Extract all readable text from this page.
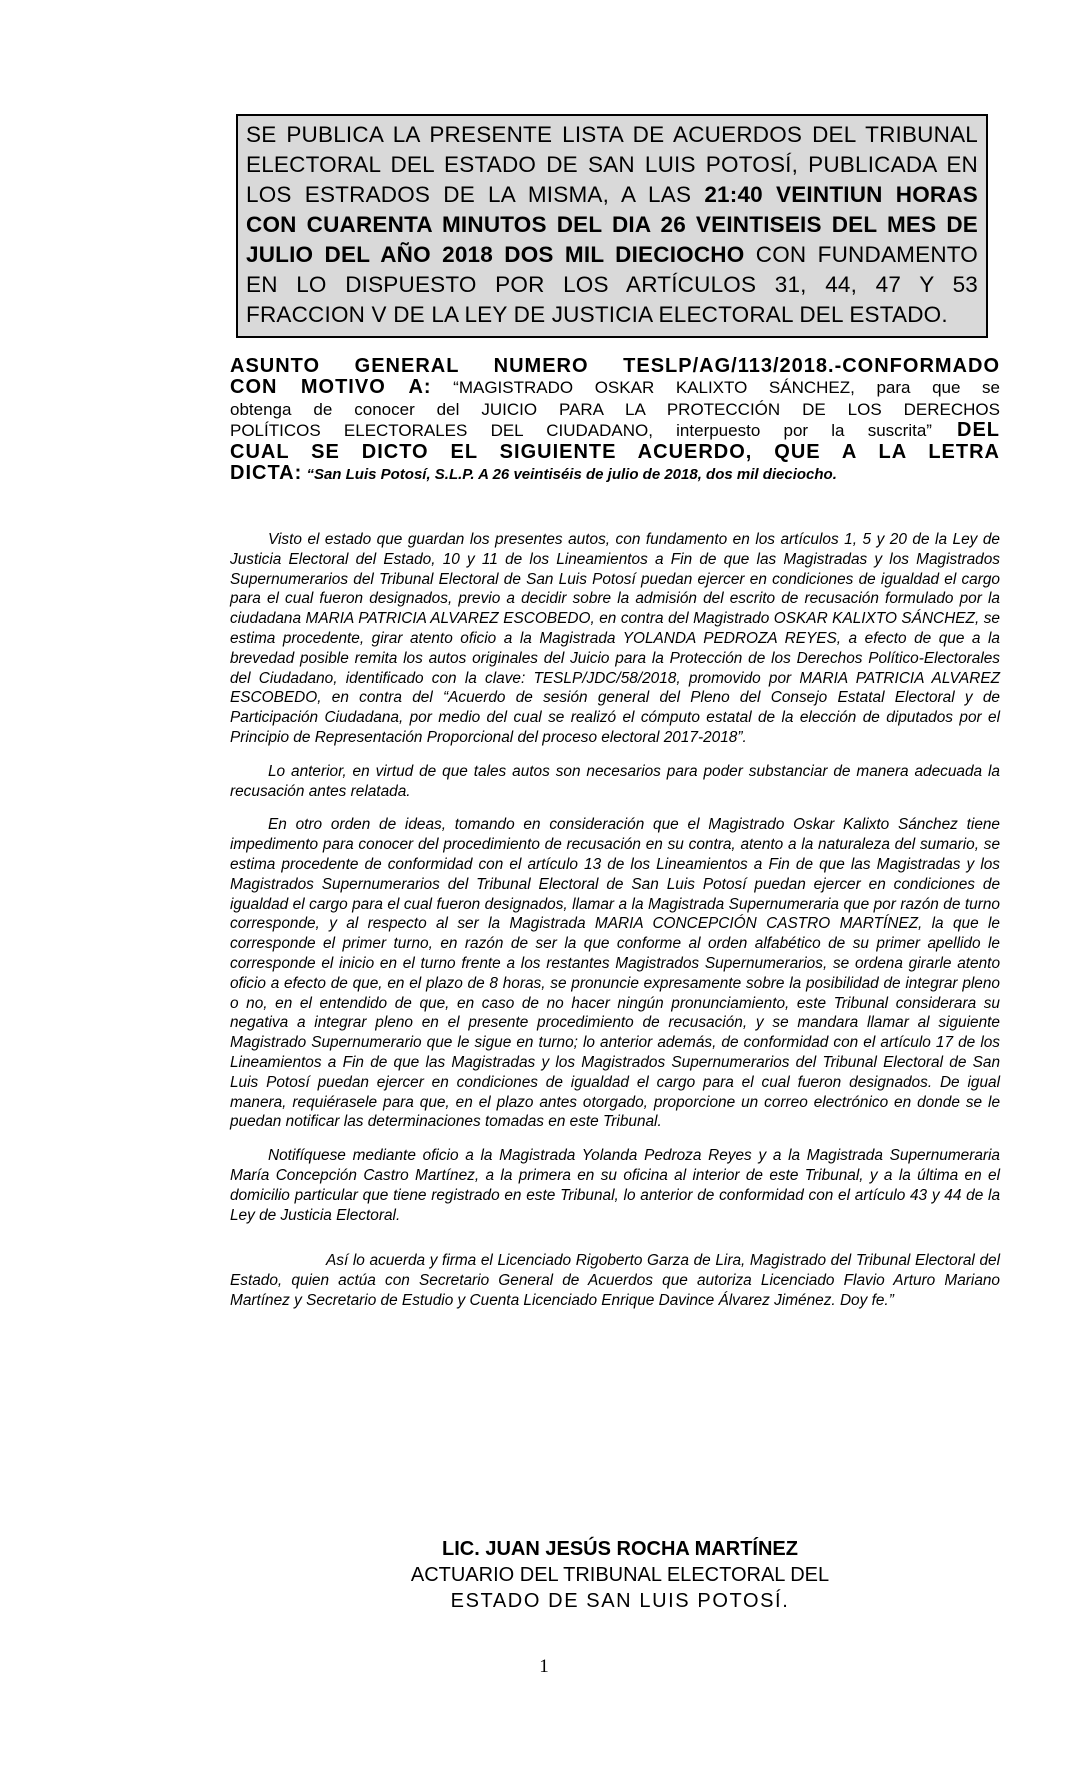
SE PUBLICA LA PRESENTE LISTA DE ACUERDOS DEL TRIBUNAL
ELECTORAL DEL ESTADO DE SAN LUIS POTOSÍ, PUBLICADA EN
LOS ESTRADOS DE LA MISMA, A LAS 21:40 VEINTIUN HORAS
CON CUARENTA MINUTOS DEL DIA 26 VEINTISEIS DEL MES DE
JULIO DEL AÑO 2018 DOS MIL DIECIOCHO CON FUNDAMENTO
EN LO DISPUESTO POR LOS ARTÍCULOS 31, 44, 47 Y 53
FRACCION V DE LA LEY DE JUSTICIA ELECTORAL DEL ESTADO.
ASUNTO GENERAL NUMERO TESLP/AG/113/2018.-CONFORMADO
CON MOTIVO A: “MAGISTRADO OSKAR KALIXTO SÁNCHEZ, para que se
obtenga de conocer del JUICIO PARA LA PROTECCIÓN DE LOS DERECHOS
POLÍTICOS ELECTORALES DEL CIUDADANO, interpuesto por la suscrita” DEL
CUAL SE DICTO EL SIGUIENTE ACUERDO, QUE A LA LETRA
DICTA: “San Luis Potosí, S.L.P. A 26 veintiséis de julio de 2018, dos mil dieciocho.

Visto el estado que guardan los presentes autos, con fundamento en los artículos 1, 5 y 20 de la Ley de Justicia Electoral del Estado, 10 y 11 de los Lineamientos a Fin de que las Magistradas y los Magistrados Supernumerarios del Tribunal Electoral de San Luis Potosí puedan ejercer en condiciones de igualdad el cargo para el cual fueron designados, previo a decidir sobre la admisión del escrito de recusación formulado por la ciudadana MARIA PATRICIA ALVAREZ ESCOBEDO, en contra del Magistrado OSKAR KALIXTO SÁNCHEZ, se estima procedente, girar atento oficio a la Magistrada YOLANDA PEDROZA REYES, a efecto de que a la brevedad posible remita los autos originales del Juicio para la Protección de los Derechos Político-Electorales del Ciudadano, identificado con la clave: TESLP/JDC/58/2018, promovido por MARIA PATRICIA ALVAREZ ESCOBEDO, en contra del “Acuerdo de sesión general del Pleno del Consejo Estatal Electoral y de Participación Ciudadana, por medio del cual se realizó el cómputo estatal de la elección de diputados por el Principio de Representación Proporcional del proceso electoral 2017-2018”.

Lo anterior, en virtud de que tales autos son necesarios para poder substanciar de manera adecuada la recusación antes relatada.

En otro orden de ideas, tomando en consideración que el Magistrado Oskar Kalixto Sánchez tiene impedimento para conocer del procedimiento de recusación en su contra, atento a la naturaleza del sumario, se estima procedente de conformidad con el artículo 13 de los Lineamientos a Fin de que las Magistradas y los Magistrados Supernumerarios del Tribunal Electoral de San Luis Potosí puedan ejercer en condiciones de igualdad el cargo para el cual fueron designados, llamar a la Magistrada Supernumeraria que por razón de turno corresponde, y al respecto al ser la Magistrada MARIA CONCEPCIÓN CASTRO MARTÍNEZ, la que le corresponde el primer turno, en razón de ser la que conforme al orden alfabético de su primer apellido le corresponde el inicio en el turno frente a los restantes Magistrados Supernumerarios, se ordena girarle atento oficio a efecto de que, en el plazo de 8 horas, se pronuncie expresamente sobre la posibilidad de integrar pleno o no, en el entendido de que, en caso de no hacer ningún pronunciamiento, este Tribunal considerara su negativa a integrar pleno en el presente procedimiento de recusación, y se mandara llamar al siguiente Magistrado Supernumerario que le sigue en turno; lo anterior además, de conformidad con el artículo 17 de los Lineamientos a Fin de que las Magistradas y los Magistrados Supernumerarios del Tribunal Electoral de San Luis Potosí puedan ejercer en condiciones de igualdad el cargo para el cual fueron designados. De igual manera, requiérasele para que, en el plazo antes otorgado, proporcione un correo electrónico en donde se le puedan notificar las determinaciones tomadas en este Tribunal.

Notifíquese mediante oficio a la Magistrada Yolanda Pedroza Reyes y a la Magistrada Supernumeraria María Concepción Castro Martínez, a la primera en su oficina al interior de este Tribunal, y a la última en el domicilio particular que tiene registrado en este Tribunal, lo anterior de conformidad con el artículo 43 y 44 de la Ley de Justicia Electoral.

Así lo acuerda y firma el Licenciado Rigoberto Garza de Lira, Magistrado del Tribunal Electoral del Estado, quien actúa con Secretario General de Acuerdos que autoriza Licenciado Flavio Arturo Mariano Martínez y Secretario de Estudio y Cuenta Licenciado Enrique Davince Álvarez Jiménez. Doy fe.”

LIC. JUAN JESÚS ROCHA MARTÍNEZ
ACTUARIO DEL TRIBUNAL ELECTORAL DEL
ESTADO DE SAN LUIS POTOSÍ.
1
